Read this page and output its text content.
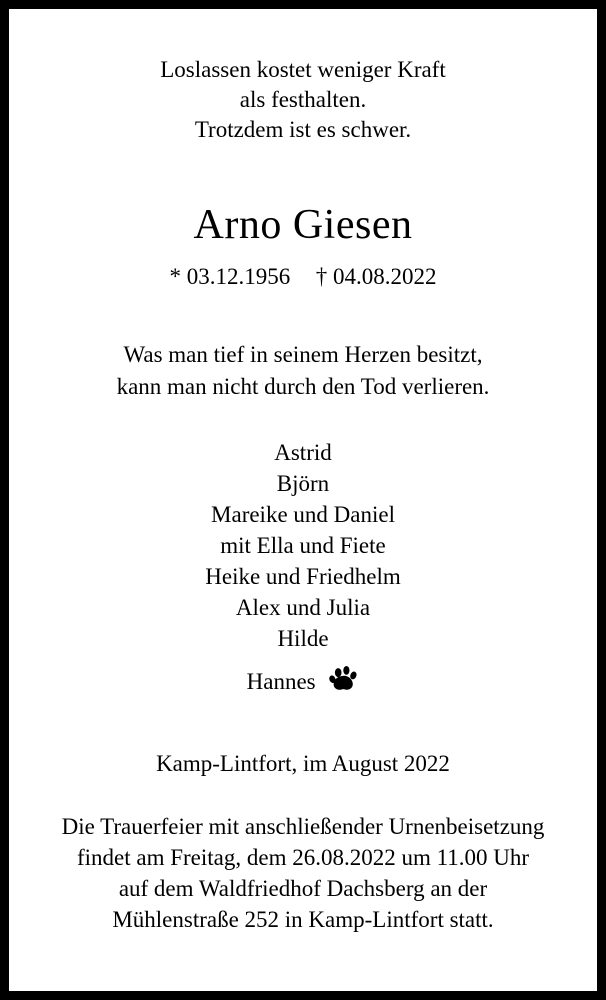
Loslassen kostet weniger Kraft
als festhalten.
Trotzdem ist es schwer.
Arno Giesen
* 03.12.1956 † 04.08.2022
Was man tief in seinem Herzen besitzt,
kann man nicht durch den Tod verlieren.
Astrid
Björn
Mareike und Daniel
mit Ella und Fiete
Heike und Friedhelm
Alex und Julia
Hilde
Hannes
Kamp-Lintfort, im August 2022
Die Trauerfeier mit anschließender Urnenbeisetzung
findet am Freitag, dem 26.08.2022 um 11.00 Uhr
auf dem Waldfriedhof Dachsberg an der
Mühlenstraße 252 in Kamp-Lintfort statt.
